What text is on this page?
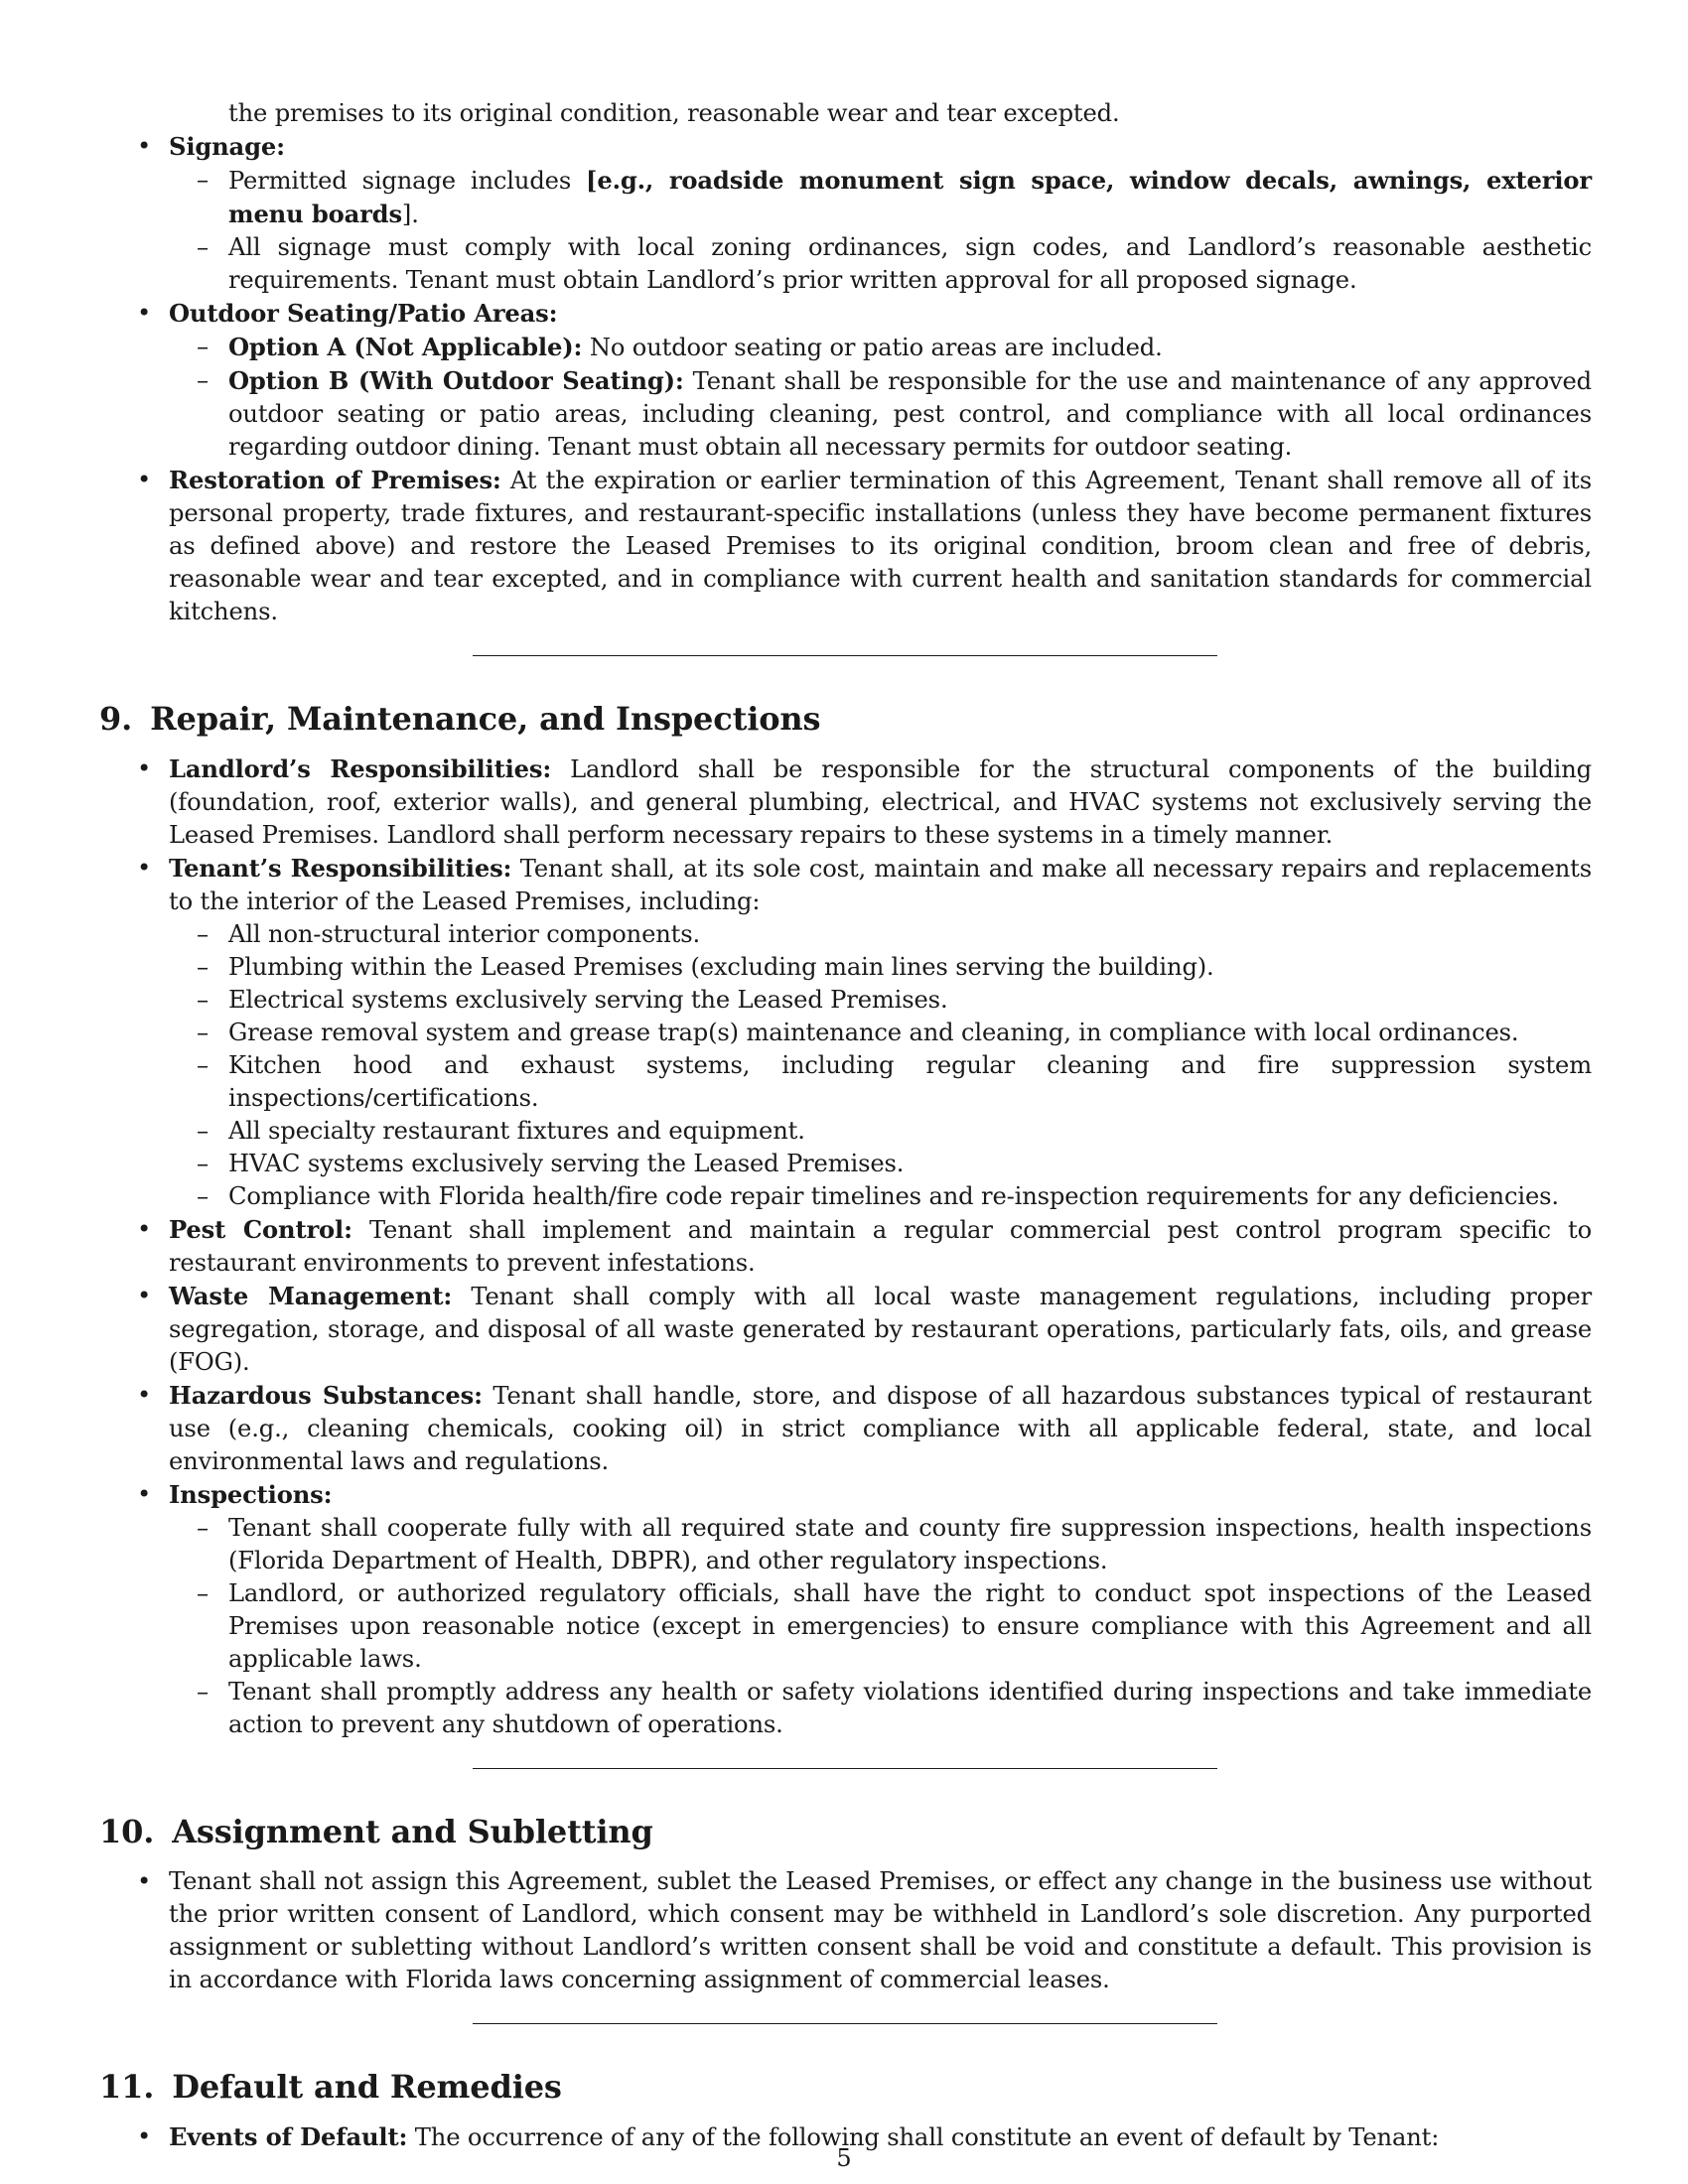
the premises to its original condition, reasonable wear and tear excepted.

• Signage:
– Permitted signage includes [e.g., roadside monument sign space, window decals, awnings, exterior menu boards].
– All signage must comply with local zoning ordinances, sign codes, and Landlord’s reasonable aesthetic requirements. Tenant must obtain Landlord’s prior written approval for all proposed signage.
• Outdoor Seating/Patio Areas:
– Option A (Not Applicable): No outdoor seating or patio areas are included.
– Option B (With Outdoor Seating): Tenant shall be responsible for the use and maintenance of any approved outdoor seating or patio areas, including cleaning, pest control, and compliance with all local ordinances regarding outdoor dining. Tenant must obtain all necessary permits for outdoor seating.
• Restoration of Premises: At the expiration or earlier termination of this Agreement, Tenant shall remove all of its personal property, trade fixtures, and restaurant-specific installations (unless they have become permanent fixtures as defined above) and restore the Leased Premises to its original condition, broom clean and free of debris, reasonable wear and tear excepted, and in compliance with current health and sanitation standards for commercial kitchens.
9. Repair, Maintenance, and Inspections
• Landlord’s Responsibilities: Landlord shall be responsible for the structural components of the building (foundation, roof, exterior walls), and general plumbing, electrical, and HVAC systems not exclusively serving the Leased Premises. Landlord shall perform necessary repairs to these systems in a timely manner.
• Tenant’s Responsibilities: Tenant shall, at its sole cost, maintain and make all necessary repairs and replacements to the interior of the Leased Premises, including:
– All non-structural interior components.
– Plumbing within the Leased Premises (excluding main lines serving the building).
– Electrical systems exclusively serving the Leased Premises.
– Grease removal system and grease trap(s) maintenance and cleaning, in compliance with local ordinances.
– Kitchen hood and exhaust systems, including regular cleaning and fire suppression system inspections/certifications.
– All specialty restaurant fixtures and equipment.
– HVAC systems exclusively serving the Leased Premises.
– Compliance with Florida health/fire code repair timelines and re-inspection requirements for any deficiencies.
• Pest Control: Tenant shall implement and maintain a regular commercial pest control program specific to restaurant environments to prevent infestations.
• Waste Management: Tenant shall comply with all local waste management regulations, including proper segregation, storage, and disposal of all waste generated by restaurant operations, particularly fats, oils, and grease (FOG).
• Hazardous Substances: Tenant shall handle, store, and dispose of all hazardous substances typical of restaurant use (e.g., cleaning chemicals, cooking oil) in strict compliance with all applicable federal, state, and local environmental laws and regulations.
• Inspections:
– Tenant shall cooperate fully with all required state and county fire suppression inspections, health inspections (Florida Department of Health, DBPR), and other regulatory inspections.
– Landlord, or authorized regulatory officials, shall have the right to conduct spot inspections of the Leased Premises upon reasonable notice (except in emergencies) to ensure compliance with this Agreement and all applicable laws.
– Tenant shall promptly address any health or safety violations identified during inspections and take immediate action to prevent any shutdown of operations.
10. Assignment and Subletting
• Tenant shall not assign this Agreement, sublet the Leased Premises, or effect any change in the business use without the prior written consent of Landlord, which consent may be withheld in Landlord’s sole discretion. Any purported assignment or subletting without Landlord’s written consent shall be void and constitute a default. This provision is in accordance with Florida laws concerning assignment of commercial leases.
11. Default and Remedies
• Events of Default: The occurrence of any of the following shall constitute an event of default by Tenant:
5
